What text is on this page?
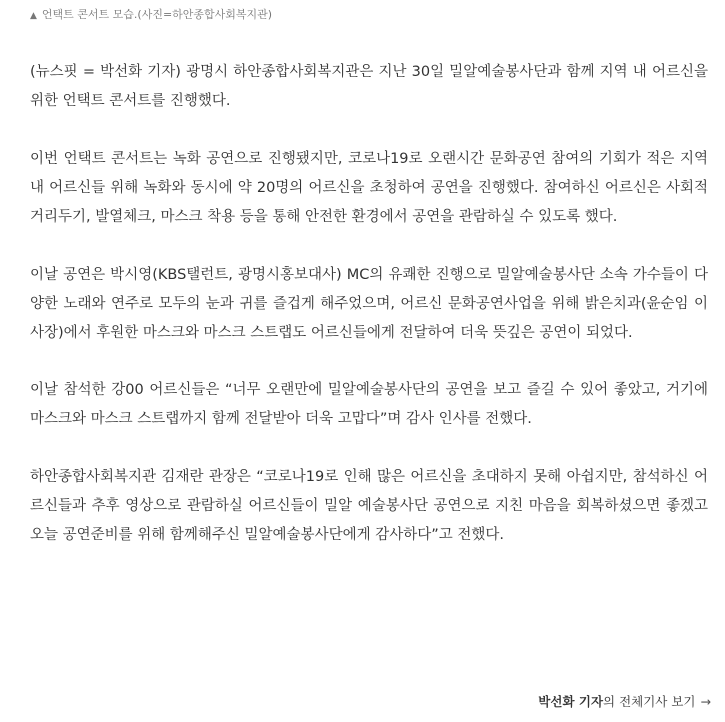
▲ 언택트 콘서트 모습.(사진=하안종합사회복지관)

(뉴스핏 = 박선화 기자) 광명시 하안종합사회복지관은 지난 30일 밀알예술봉사단과 함께 지역 내 어르신을 위한 언택트 콘서트를 진행했다.

이번 언택트 콘서트는 녹화 공연으로 진행됐지만, 코로나19로 오랜시간 문화공연 참여의 기회가 적은 지역 내 어르신들 위해 녹화와 동시에 약 20명의 어르신을 초청하여 공연을 진행했다. 참여하신 어르신은 사회적거리두기, 발열체크, 마스크 착용 등을 통해 안전한 환경에서 공연을 관람하실 수 있도록 했다.

이날 공연은 박시영(KBS탤런트, 광명시홍보대사) MC의 유쾌한 진행으로 밀알예술봉사단 소속 가수들이 다양한 노래와 연주로 모두의 눈과 귀를 즐겁게 해주었으며, 어르신 문화공연사업을 위해 밝은치과(윤순임 이사장)에서 후원한 마스크와 마스크 스트랩도 어르신들에게 전달하여 더욱 뜻깊은 공연이 되었다.

이날 참석한 강00 어르신들은 “너무 오랜만에 밀알예술봉사단의 공연을 보고 즐길 수 있어 좋았고, 거기에 마스크와 마스크 스트랩까지 함께 전달받아 더욱 고맙다”며 감사 인사를 전했다.

하안종합사회복지관 김재란 관장은 “코로나19로 인해 많은 어르신을 초대하지 못해 아쉽지만, 참석하신 어르신들과 추후 영상으로 관람하실 어르신들이 밀알 예술봉사단 공연으로 지친 마음을 회복하셨으면 좋겠고 오늘 공연준비를 위해 함께해주신 밀알예술봉사단에게 감사하다”고 전했다.

박선화 기자의 전체기사 보기 →
